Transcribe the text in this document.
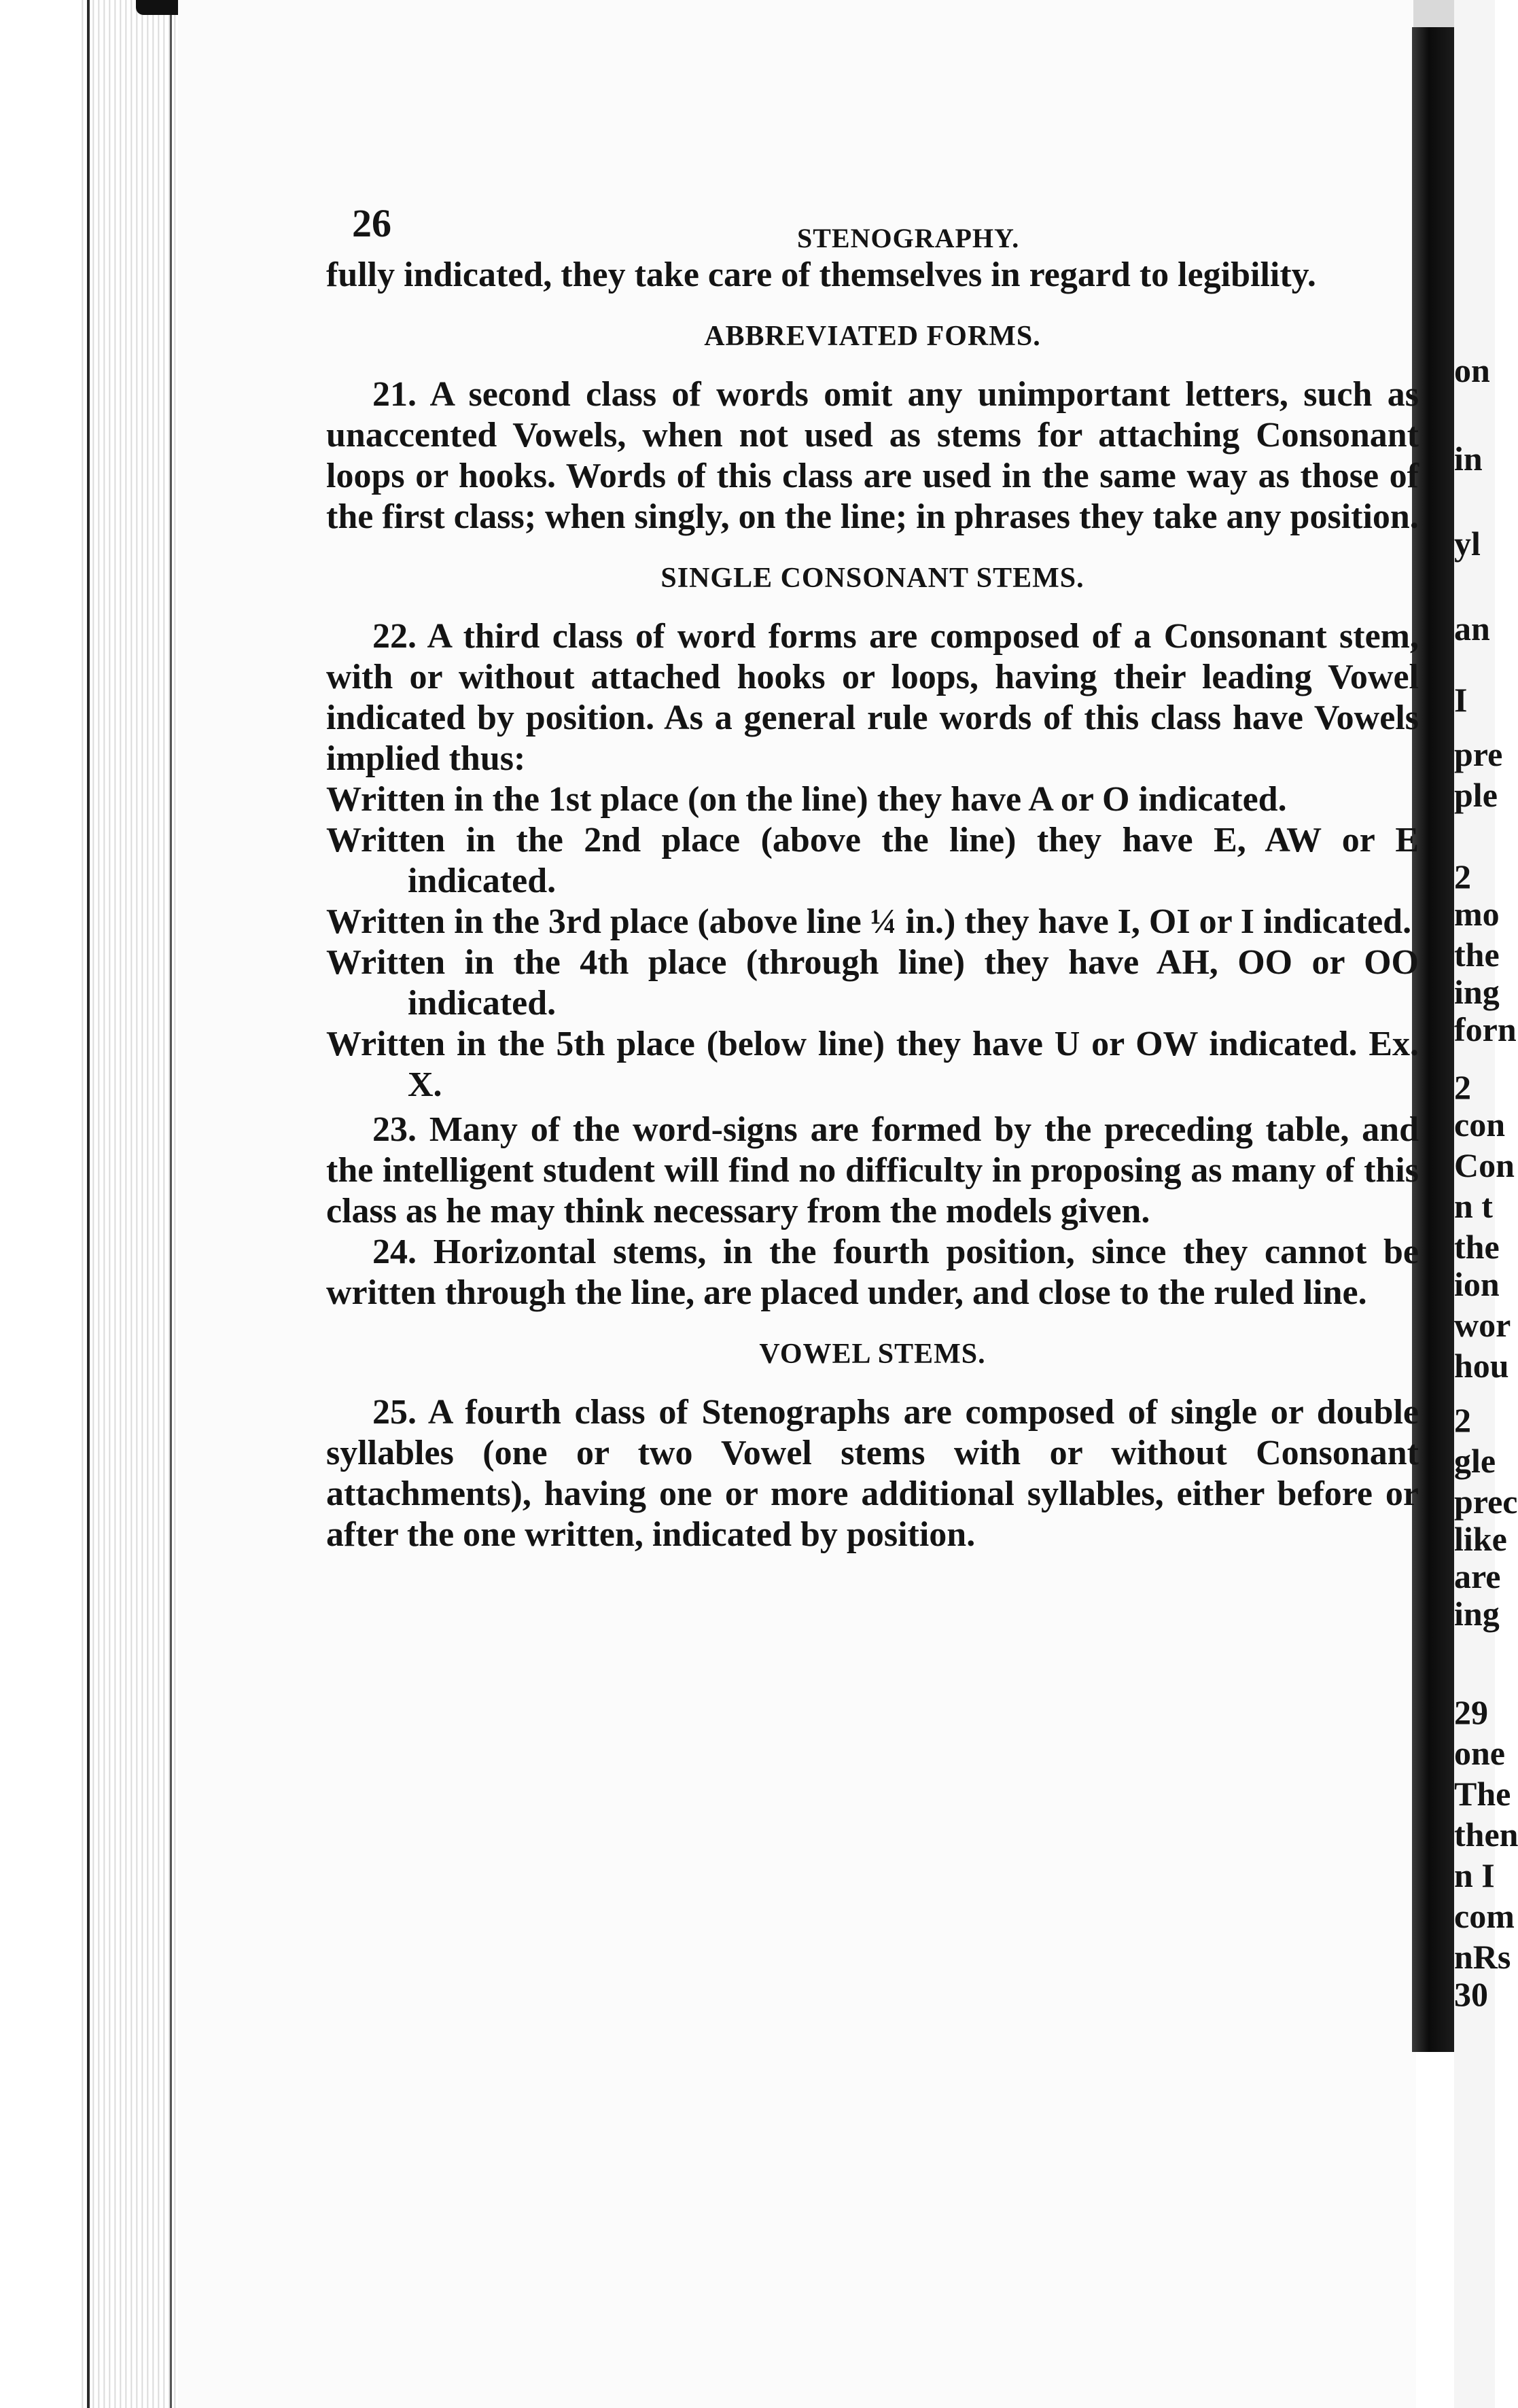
on
in
yl
an
I
pre
ple
2
mo
the
ing
forn
2
con
Con
n t
the
ion
wor
hou
2
gle
prec
like
are
ing
29
one
The
then
n I
com
nRs
30
26	STENOGRAPHY.

fully indicated, they take care of themselves in regard to legibility.

ABBREVIATED FORMS.

21. A second class of words omit any unimportant letters, such as unaccented Vowels, when not used as stems for attaching Consonant loops or hooks. Words of this class are used in the same way as those of the first class; when singly, on the line; in phrases they take any position.

SINGLE CONSONANT STEMS.

22. A third class of word forms are composed of a Consonant stem, with or without attached hooks or loops, having their leading Vowel indicated by position. As a general rule words of this class have Vowels implied thus:

Written in the 1st place (on the line) they have A or O indicated.
Written in the 2nd place (above the line) they have E, AW or E indicated.
Written in the 3rd place (above line ¼ in.) they have I, OI or I indicated.
Written in the 4th place (through line) they have AH, OO or OO indicated.
Written in the 5th place (below line) they have U or OW indicated. Ex. X.

23. Many of the word-signs are formed by the preceding table, and the intelligent student will find no difficulty in proposing as many of this class as he may think necessary from the models given.

24. Horizontal stems, in the fourth position, since they cannot be written through the line, are placed under, and close to the ruled line.

VOWEL STEMS.

25. A fourth class of Stenographs are composed of single or double syllables (one or two Vowel stems with or without Consonant attachments), having one or more additional syllables, either before or after the one written, indicated by position.
